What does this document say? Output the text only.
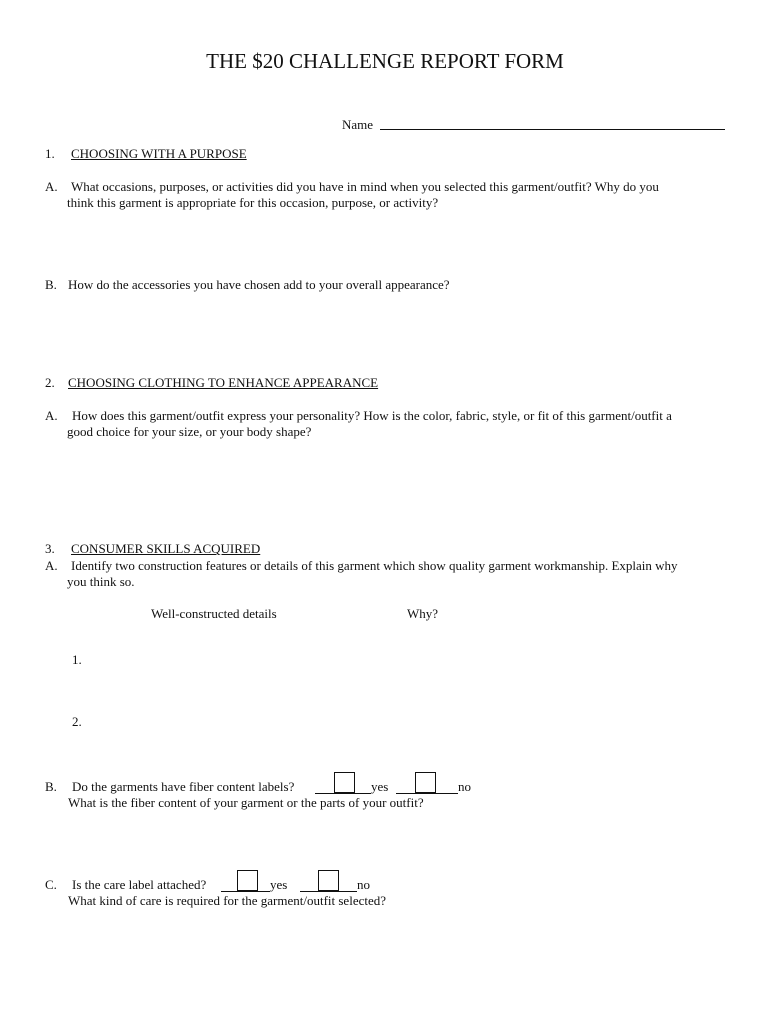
THE $20 CHALLENGE REPORT FORM
Name
1. CHOOSING WITH A PURPOSE
A. What occasions, purposes, or activities did you have in mind when you selected this garment/outfit? Why do you
think this garment is appropriate for this occasion, purpose, or activity?
B. How do the accessories you have chosen add to your overall appearance?
2. CHOOSING CLOTHING TO ENHANCE APPEARANCE
A. How does this garment/outfit express your personality? How is the color, fabric, style, or fit of this garment/outfit a
good choice for your size, or your body shape?
3. CONSUMER SKILLS ACQUIRED
A. Identify two construction features or details of this garment which show quality garment workmanship. Explain why
you think so.
Well-constructed details	Why?
1.
2.
B. Do the garments have fiber content labels?	yes	no
What is the fiber content of your garment or the parts of your outfit?
C. Is the care label attached?	yes	no
What kind of care is required for the garment/outfit selected?
